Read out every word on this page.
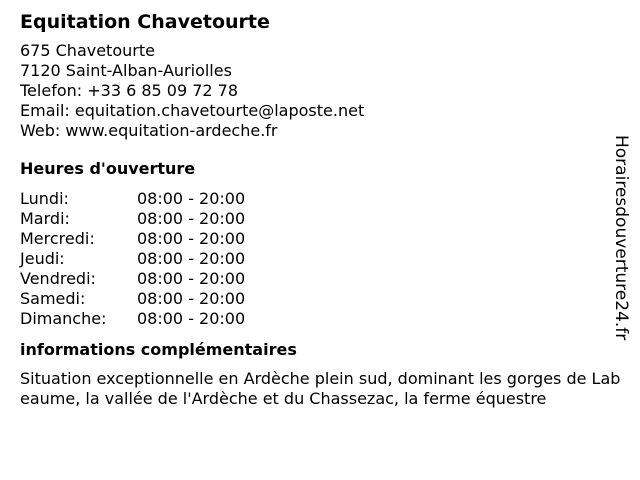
Equitation Chavetourte
675 Chavetourte
7120 Saint-Alban-Auriolles
Telefon: +33 6 85 09 72 78
Email: equitation.chavetourte@laposte.net
Web: www.equitation-ardeche.fr
Heures d'ouverture
Lundi:	08:00 - 20:00
Mardi:	08:00 - 20:00
Mercredi:	08:00 - 20:00
Jeudi:	08:00 - 20:00
Vendredi:	08:00 - 20:00
Samedi:	08:00 - 20:00
Dimanche:	08:00 - 20:00
informations complémentaires
Situation exceptionnelle en Ardèche plein sud, dominant les gorges de Labeaume, la vallée de l'Ardèche et du Chassezac, la ferme équestre
Horairesdouverture24.fr
